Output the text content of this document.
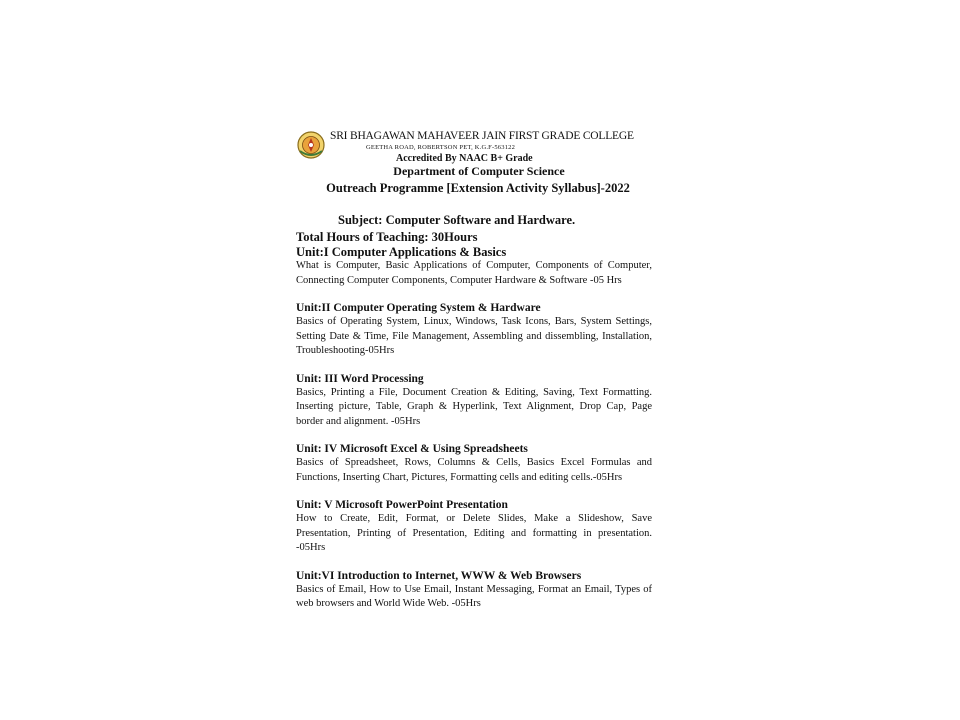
SRI BHAGAWAN MAHAVEER JAIN FIRST GRADE COLLEGE
GEETHA ROAD, ROBERTSON PET, K.G.F-563122
Accredited By NAAC B+ Grade
Department of Computer Science
Outreach Programme [Extension Activity Syllabus]-2022
Subject: Computer Software and Hardware.
Total Hours of Teaching: 30Hours
Unit:I Computer Applications & Basics
What is Computer, Basic Applications of Computer, Components of Computer, Connecting Computer Components, Computer Hardware & Software -05 Hrs
Unit:II Computer Operating System & Hardware
Basics of Operating System, Linux, Windows, Task Icons, Bars, System Settings, Setting Date & Time, File Management, Assembling and dissembling, Installation, Troubleshooting-05Hrs
Unit: III Word Processing
Basics, Printing a File, Document Creation & Editing, Saving, Text Formatting. Inserting picture, Table, Graph & Hyperlink, Text Alignment, Drop Cap, Page border and alignment. -05Hrs
Unit: IV Microsoft Excel & Using Spreadsheets
Basics of Spreadsheet, Rows, Columns & Cells, Basics Excel Formulas and Functions, Inserting Chart, Pictures, Formatting cells and editing cells.-05Hrs
Unit: V Microsoft PowerPoint Presentation
How to Create, Edit, Format, or Delete Slides, Make a Slideshow, Save Presentation, Printing of Presentation, Editing and formatting in presentation. -05Hrs
Unit:VI Introduction to Internet, WWW & Web Browsers
Basics of Email, How to Use Email, Instant Messaging, Format an Email, Types of web browsers and World Wide Web. -05Hrs
